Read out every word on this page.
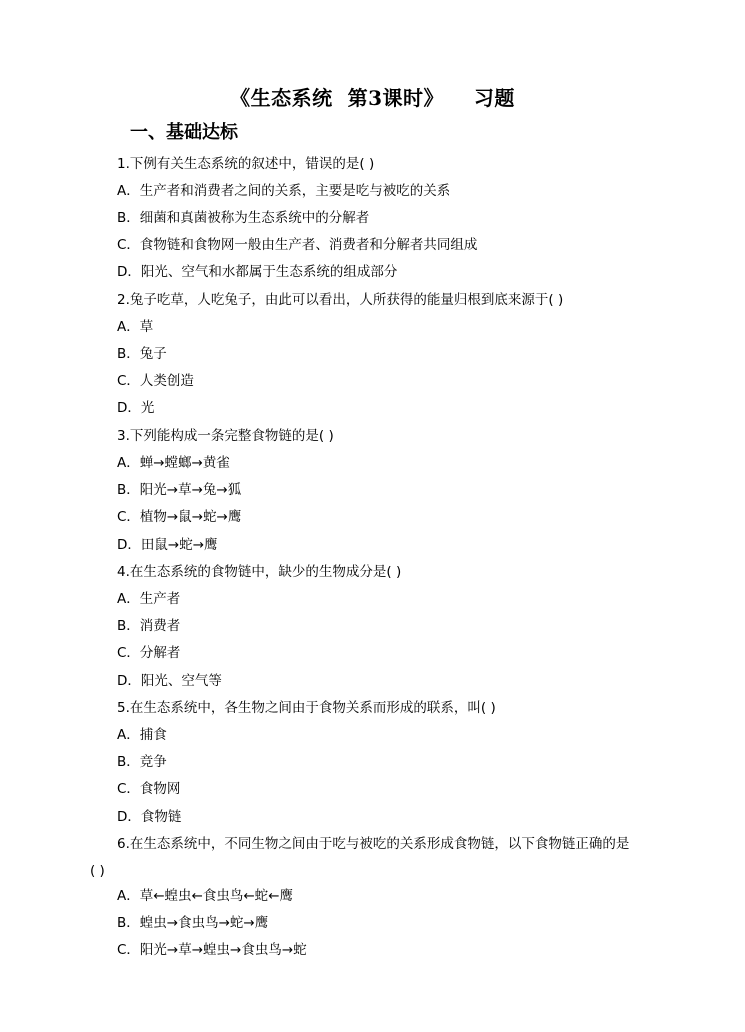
《生态系统  第3课时》    习题
一、基础达标
1.下例有关生态系统的叙述中，错误的是( )
A．生产者和消费者之间的关系，主要是吃与被吃的关系
B．细菌和真菌被称为生态系统中的分解者
C．食物链和食物网一般由生产者、消费者和分解者共同组成
D．阳光、空气和水都属于生态系统的组成部分
2.兔子吃草，人吃兔子，由此可以看出，人所获得的能量归根到底来源于( )
A．草
B．兔子
C．人类创造
D．光
3.下列能构成一条完整食物链的是( )
A．蝉→螳螂→黄雀
B．阳光→草→兔→狐
C．植物→鼠→蛇→鹰
D．田鼠→蛇→鹰
4.在生态系统的食物链中，缺少的生物成分是( )
A．生产者
B．消费者
C．分解者
D．阳光、空气等
5.在生态系统中，各生物之间由于食物关系而形成的联系，叫( )
A．捕食
B．竞争
C．食物网
D．食物链
6.在生态系统中，不同生物之间由于吃与被吃的关系形成食物链，以下食物链正确的是
( )
A．草←蝗虫←食虫鸟←蛇←鹰
B．蝗虫→食虫鸟→蛇→鹰
C．阳光→草→蝗虫→食虫鸟→蛇
